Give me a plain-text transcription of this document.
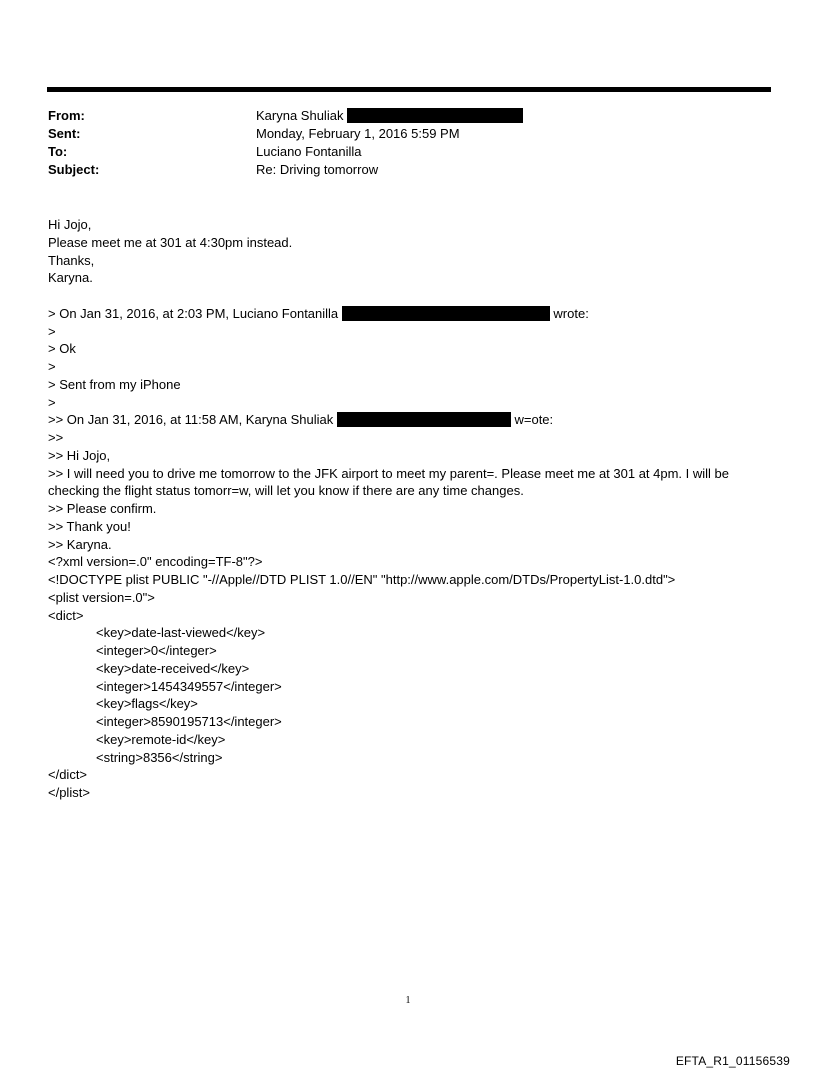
From:	Karyna Shuliak
Sent:	Monday, February 1, 2016 5:59 PM
To:	Luciano Fontanilla
Subject:	Re: Driving tomorrow
Hi Jojo,
Please meet me at 301 at 4:30pm instead.
Thanks,
Karyna.
> On Jan 31, 2016, at 2:03 PM, Luciano Fontanilla	wrote:
>
> Ok
>
> Sent from my iPhone
>
>> On Jan 31, 2016, at 11:58 AM, Karyna Shuliak	w=ote:
>>
>> Hi Jojo,
>> I will need you to drive me tomorrow to the JFK airport to meet my parent=. Please meet me at 301 at 4pm. I will be checking the flight status tomorr=w, will let you know if there are any time changes.
>> Please confirm.
>> Thank you!
>> Karyna.
<?xml version=.0" encoding=TF-8"?>
<!DOCTYPE plist PUBLIC "-//Apple//DTD PLIST 1.0//EN" "http://www.apple.com/DTDs/PropertyList-1.0.dtd">
<plist version=.0">
<dict>
<key>date-last-viewed</key>
<integer>0</integer>
<key>date-received</key>
<integer>1454349557</integer>
<key>flags</key>
<integer>8590195713</integer>
<key>remote-id</key>
<string>8356</string>
</dict>
</plist>
1
EFTA_R1_01156539
